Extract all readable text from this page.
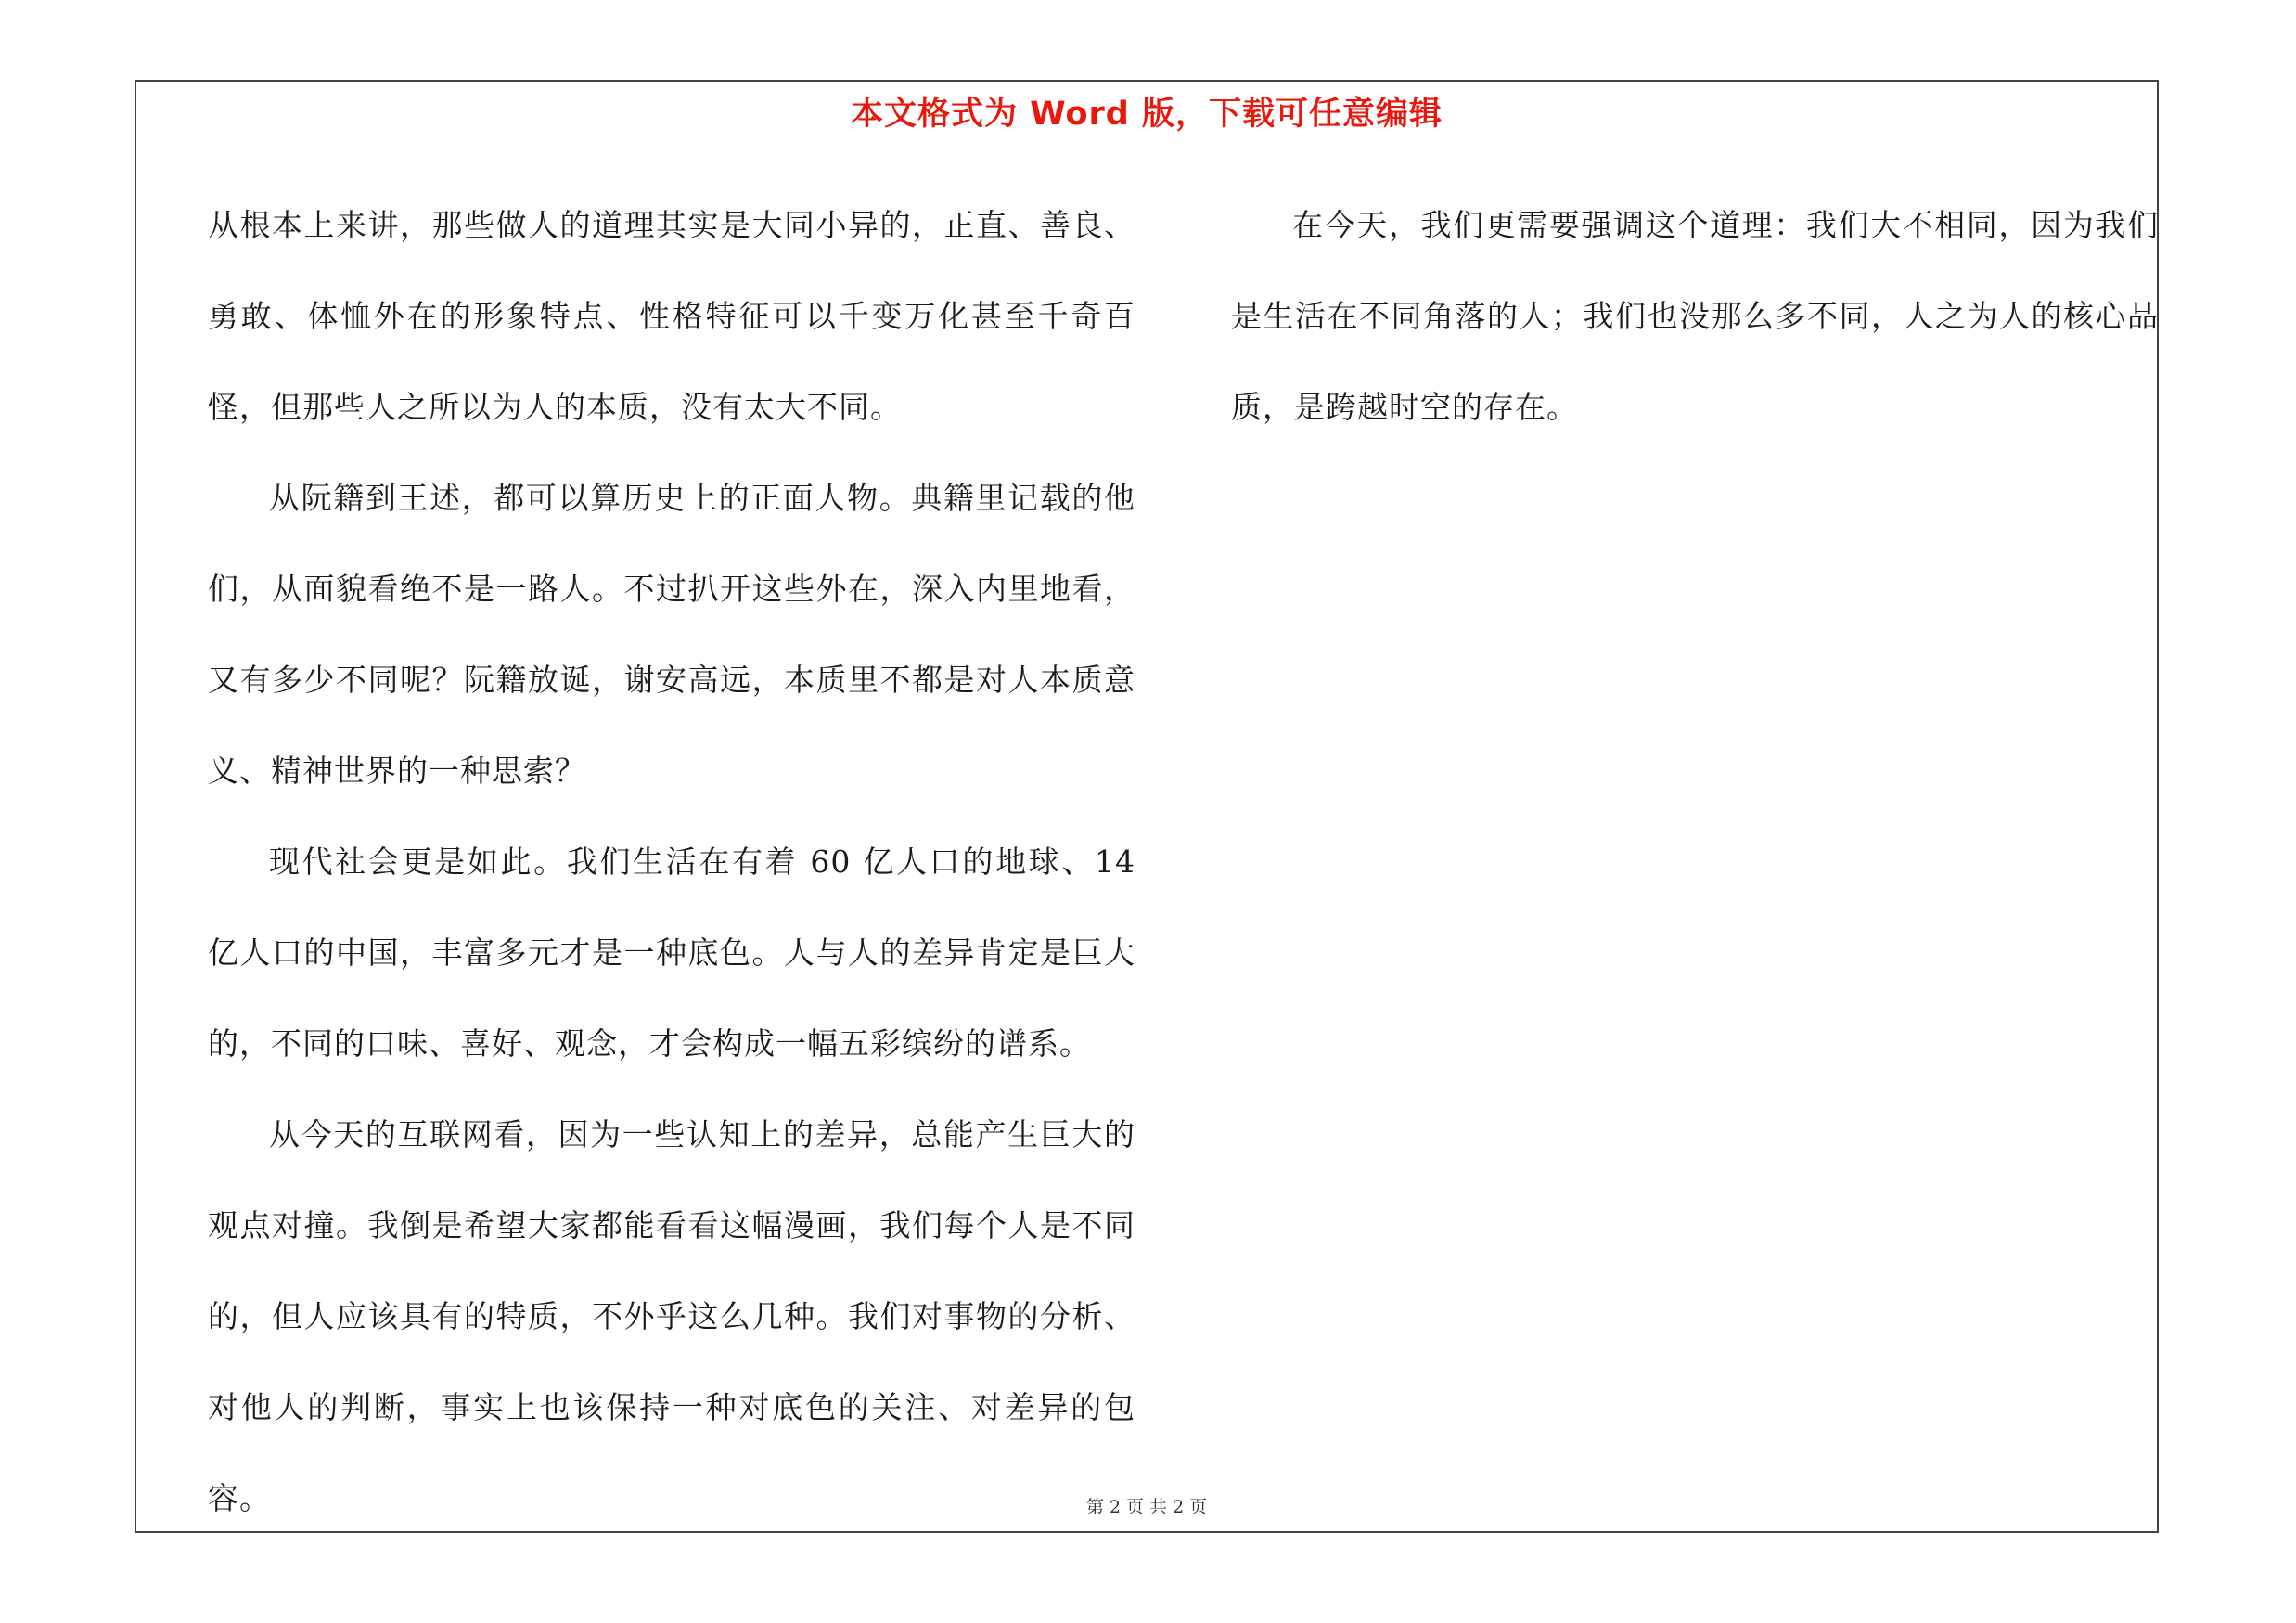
本文格式为 Word 版，下载可任意编辑

从根本上来讲，那些做人的道理其实是大同小异的，正直、善良、勇敢、体恤外在的形象特点、性格特征可以千变万化甚至千奇百怪，但那些人之所以为人的本质，没有太大不同。

从阮籍到王述，都可以算历史上的正面人物。典籍里记载的他们，从面貌看绝不是一路人。不过扒开这些外在，深入内里地看，又有多少不同呢？阮籍放诞，谢安高远，本质里不都是对人本质意义、精神世界的一种思索？

现代社会更是如此。我们生活在有着 60 亿人口的地球、14 亿人口的中国，丰富多元才是一种底色。人与人的差异肯定是巨大的，不同的口味、喜好、观念，才会构成一幅五彩缤纷的谱系。

从今天的互联网看，因为一些认知上的差异，总能产生巨大的观点对撞。我倒是希望大家都能看看这幅漫画，我们每个人是不同的，但人应该具有的特质，不外乎这么几种。我们对事物的分析、对他人的判断，事实上也该保持一种对底色的关注、对差异的包容。

在今天，我们更需要强调这个道理：我们大不相同，因为我们是生活在不同角落的人；我们也没那么多不同，人之为人的核心品质，是跨越时空的存在。

第 2 页 共 2 页
